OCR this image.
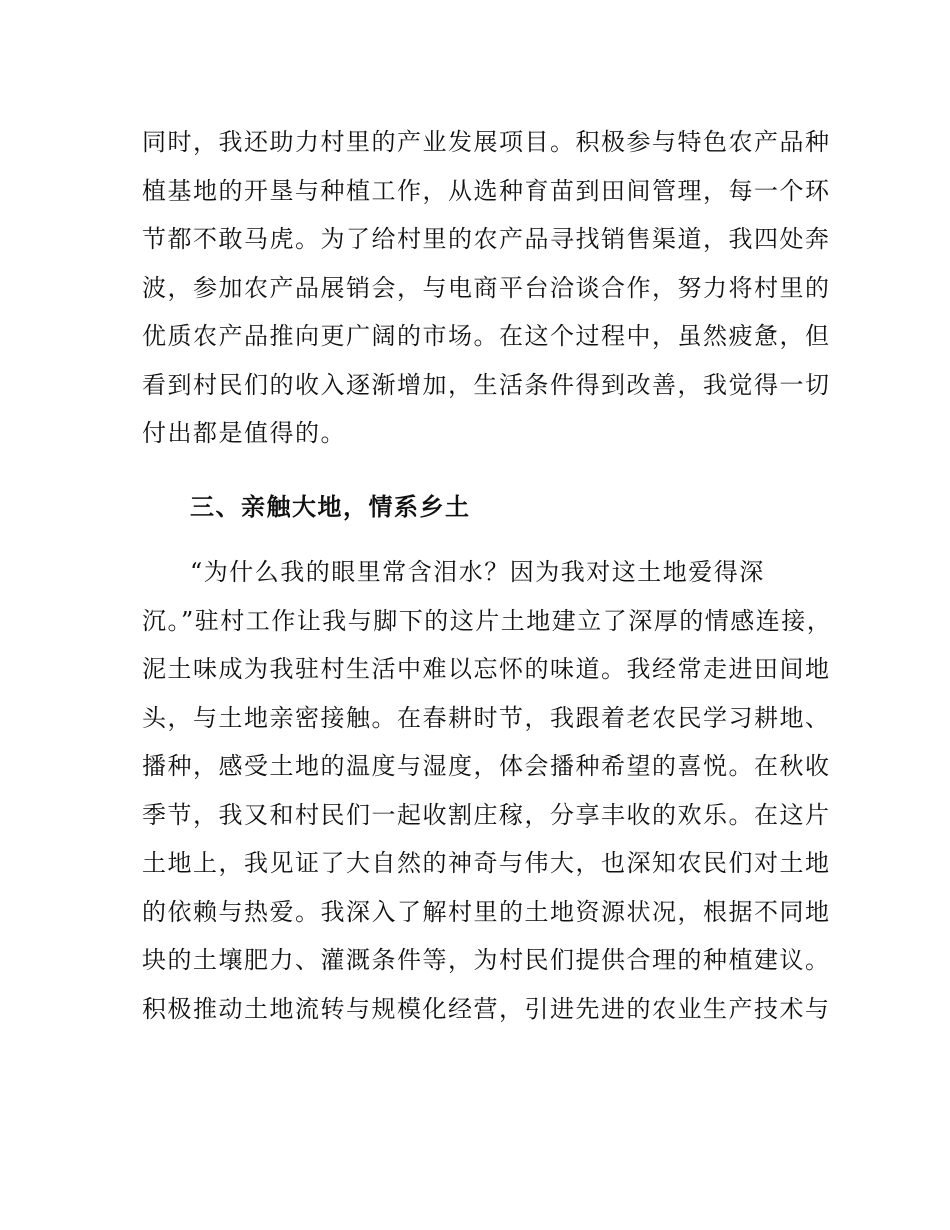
同时，我还助力村里的产业发展项目。积极参与特色农产品种
植基地的开垦与种植工作，从选种育苗到田间管理，每一个环
节都不敢马虎。为了给村里的农产品寻找销售渠道，我四处奔
波，参加农产品展销会，与电商平台洽谈合作，努力将村里的
优质农产品推向更广阔的市场。在这个过程中，虽然疲惫，但
看到村民们的收入逐渐增加，生活条件得到改善，我觉得一切
付出都是值得的。
三、亲触大地，情系乡土
“为什么我的眼里常含泪水？因为我对这土地爱得深
沉。”驻村工作让我与脚下的这片土地建立了深厚的情感连接，
泥土味成为我驻村生活中难以忘怀的味道。我经常走进田间地
头，与土地亲密接触。在春耕时节，我跟着老农民学习耕地、
播种，感受土地的温度与湿度，体会播种希望的喜悦。在秋收
季节，我又和村民们一起收割庄稼，分享丰收的欢乐。在这片
土地上，我见证了大自然的神奇与伟大，也深知农民们对土地
的依赖与热爱。我深入了解村里的土地资源状况，根据不同地
块的土壤肥力、灌溉条件等，为村民们提供合理的种植建议。
积极推动土地流转与规模化经营，引进先进的农业生产技术与
